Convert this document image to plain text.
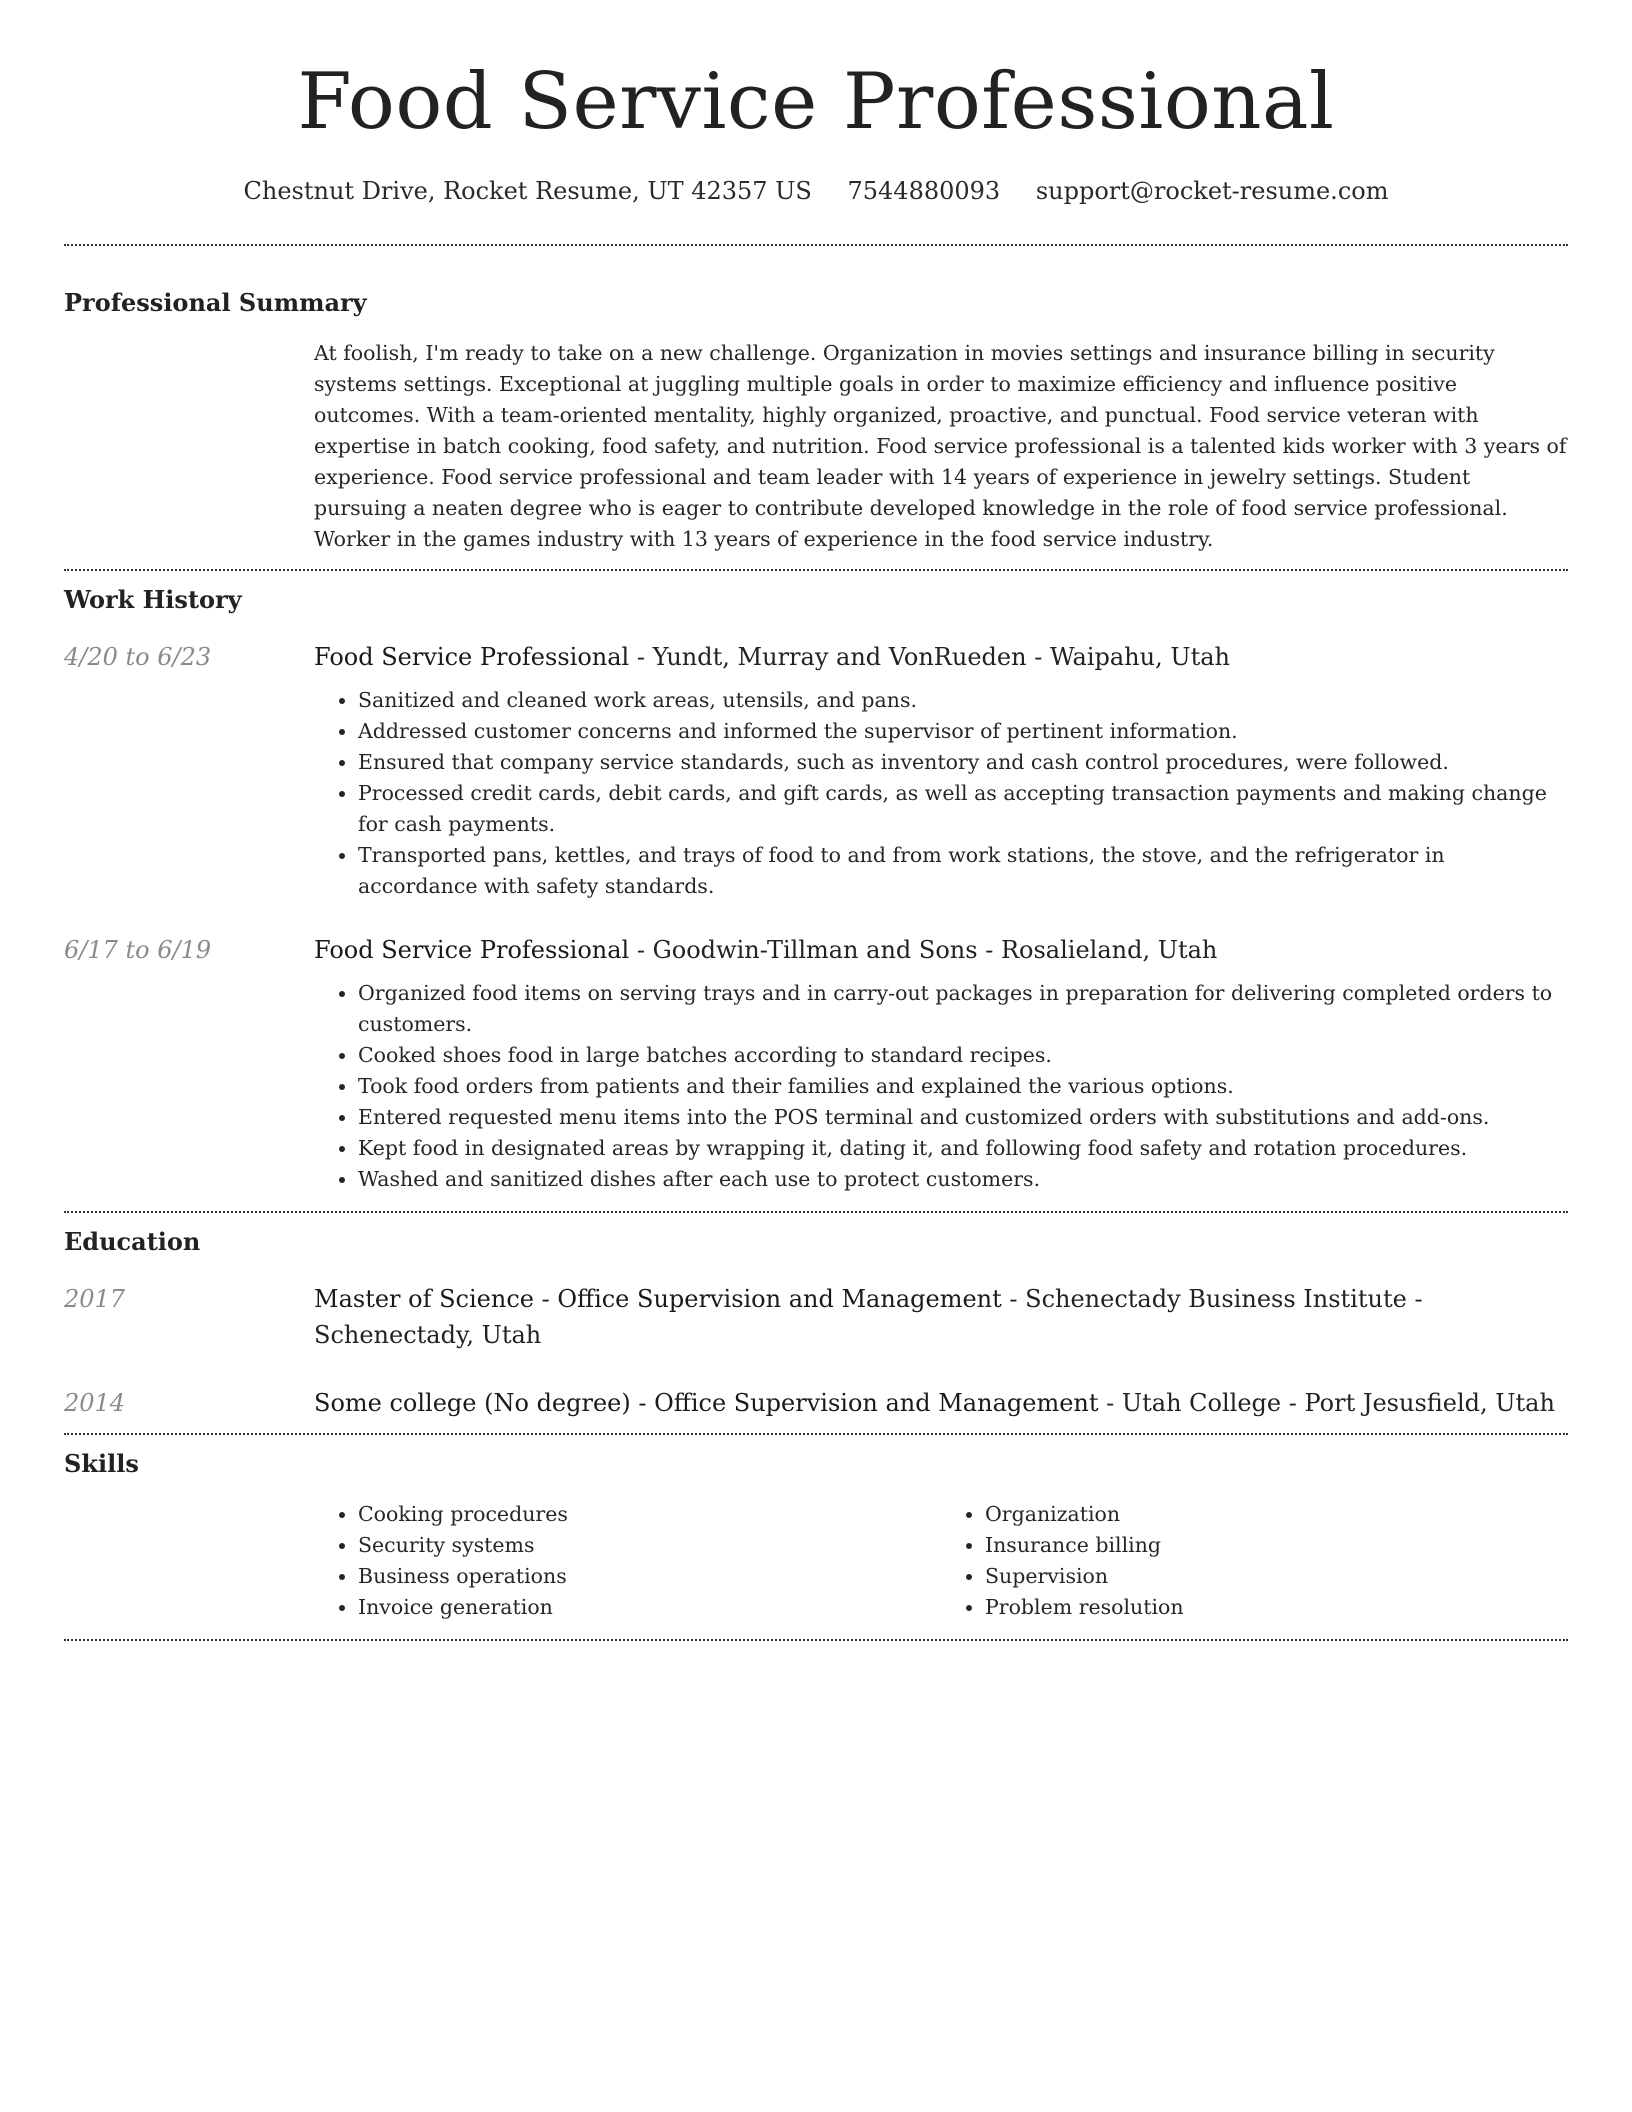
Food Service Professional
Chestnut Drive, Rocket Resume, UT 42357 US 7544880093 support@rocket-resume.com
Professional Summary
At foolish, I'm ready to take on a new challenge. Organization in movies settings and insurance billing in security systems settings. Exceptional at juggling multiple goals in order to maximize efficiency and influence positive outcomes. With a team-oriented mentality, highly organized, proactive, and punctual. Food service veteran with expertise in batch cooking, food safety, and nutrition. Food service professional is a talented kids worker with 3 years of experience. Food service professional and team leader with 14 years of experience in jewelry settings. Student pursuing a neaten degree who is eager to contribute developed knowledge in the role of food service professional. Worker in the games industry with 13 years of experience in the food service industry.
Work History
4/20 to 6/23	Food Service Professional - Yundt, Murray and VonRueden - Waipahu, Utah
• Sanitized and cleaned work areas, utensils, and pans.
• Addressed customer concerns and informed the supervisor of pertinent information.
• Ensured that company service standards, such as inventory and cash control procedures, were followed.
• Processed credit cards, debit cards, and gift cards, as well as accepting transaction payments and making change for cash payments.
• Transported pans, kettles, and trays of food to and from work stations, the stove, and the refrigerator in accordance with safety standards.
6/17 to 6/19	Food Service Professional - Goodwin-Tillman and Sons - Rosalieland, Utah
• Organized food items on serving trays and in carry-out packages in preparation for delivering completed orders to customers.
• Cooked shoes food in large batches according to standard recipes.
• Took food orders from patients and their families and explained the various options.
• Entered requested menu items into the POS terminal and customized orders with substitutions and add-ons.
• Kept food in designated areas by wrapping it, dating it, and following food safety and rotation procedures.
• Washed and sanitized dishes after each use to protect customers.
Education
2017	Master of Science - Office Supervision and Management - Schenectady Business Institute - Schenectady, Utah
2014	Some college (No degree) - Office Supervision and Management - Utah College - Port Jesusfield, Utah
Skills
• Cooking procedures
• Security systems
• Business operations
• Invoice generation
• Organization
• Insurance billing
• Supervision
• Problem resolution
